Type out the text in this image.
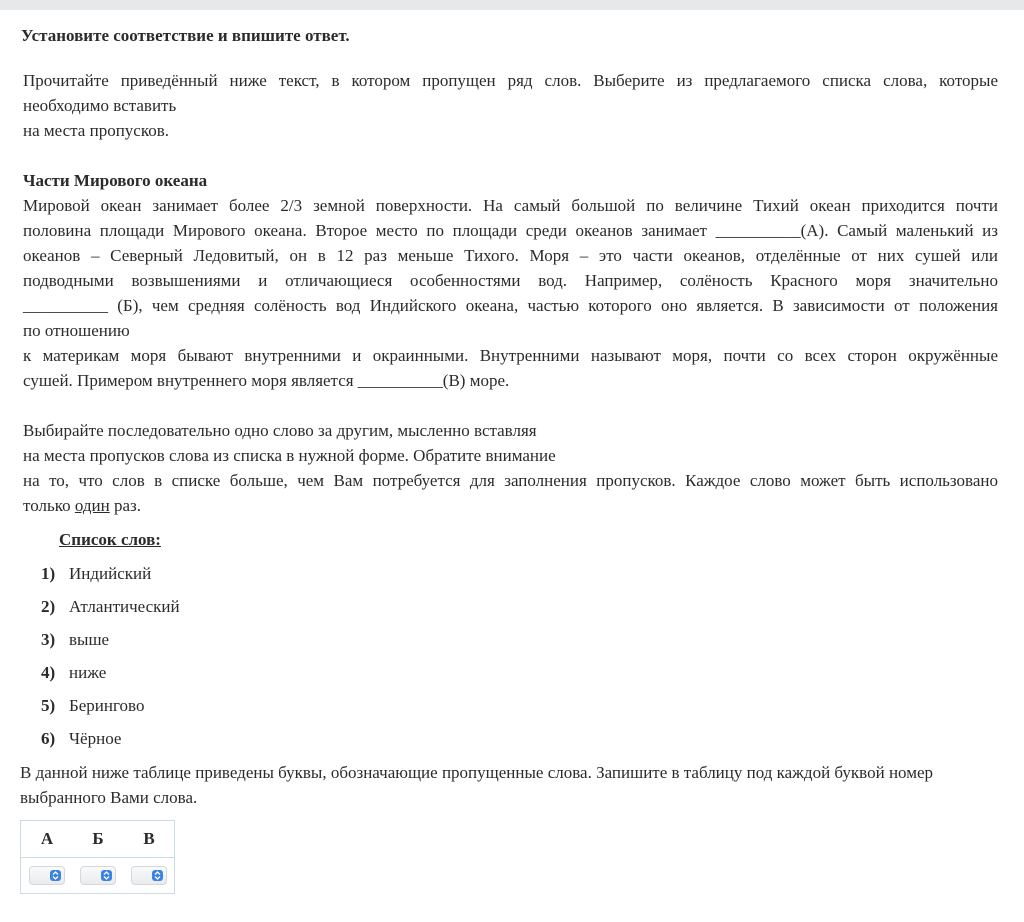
Установите соответствие и впишите ответ.
Прочитайте приведённый ниже текст, в котором пропущен ряд слов. Выберите из предлагаемого списка слова, которые
необходимо вставить
на места пропусков.
Части Мирового океана
Мировой океан занимает более 2/3 земной поверхности. На самый большой по величине Тихий океан приходится почти
половина площади Мирового океана. Второе место по площади среди океанов занимает __________(А). Самый маленький из
океанов – Северный Ледовитый, он в 12 раз меньше Тихого. Моря – это части океанов, отделённые от них сушей или
подводными возвышениями и отличающиеся особенностями вод. Например, солёность Красного моря значительно
__________ (Б), чем средняя солёность вод Индийского океана, частью которого оно является. В зависимости от положения
по отношению
к материкам моря бывают внутренними и окраинными. Внутренними называют моря, почти со всех сторон окружённые
сушей. Примером внутреннего моря является __________(В) море.
Выбирайте последовательно одно слово за другим, мысленно вставляя
на места пропусков слова из списка в нужной форме. Обратите внимание
на то, что слов в списке больше, чем Вам потребуется для заполнения пропусков. Каждое слово может быть использовано
только один раз.
Список слов:
1) Индийский
2) Атлантический
3) выше
4) ниже
5) Берингово
6) Чёрное
В данной ниже таблице приведены буквы, обозначающие пропущенные слова. Запишите в таблицу под каждой буквой номер выбранного Вами слова.
А Б В
